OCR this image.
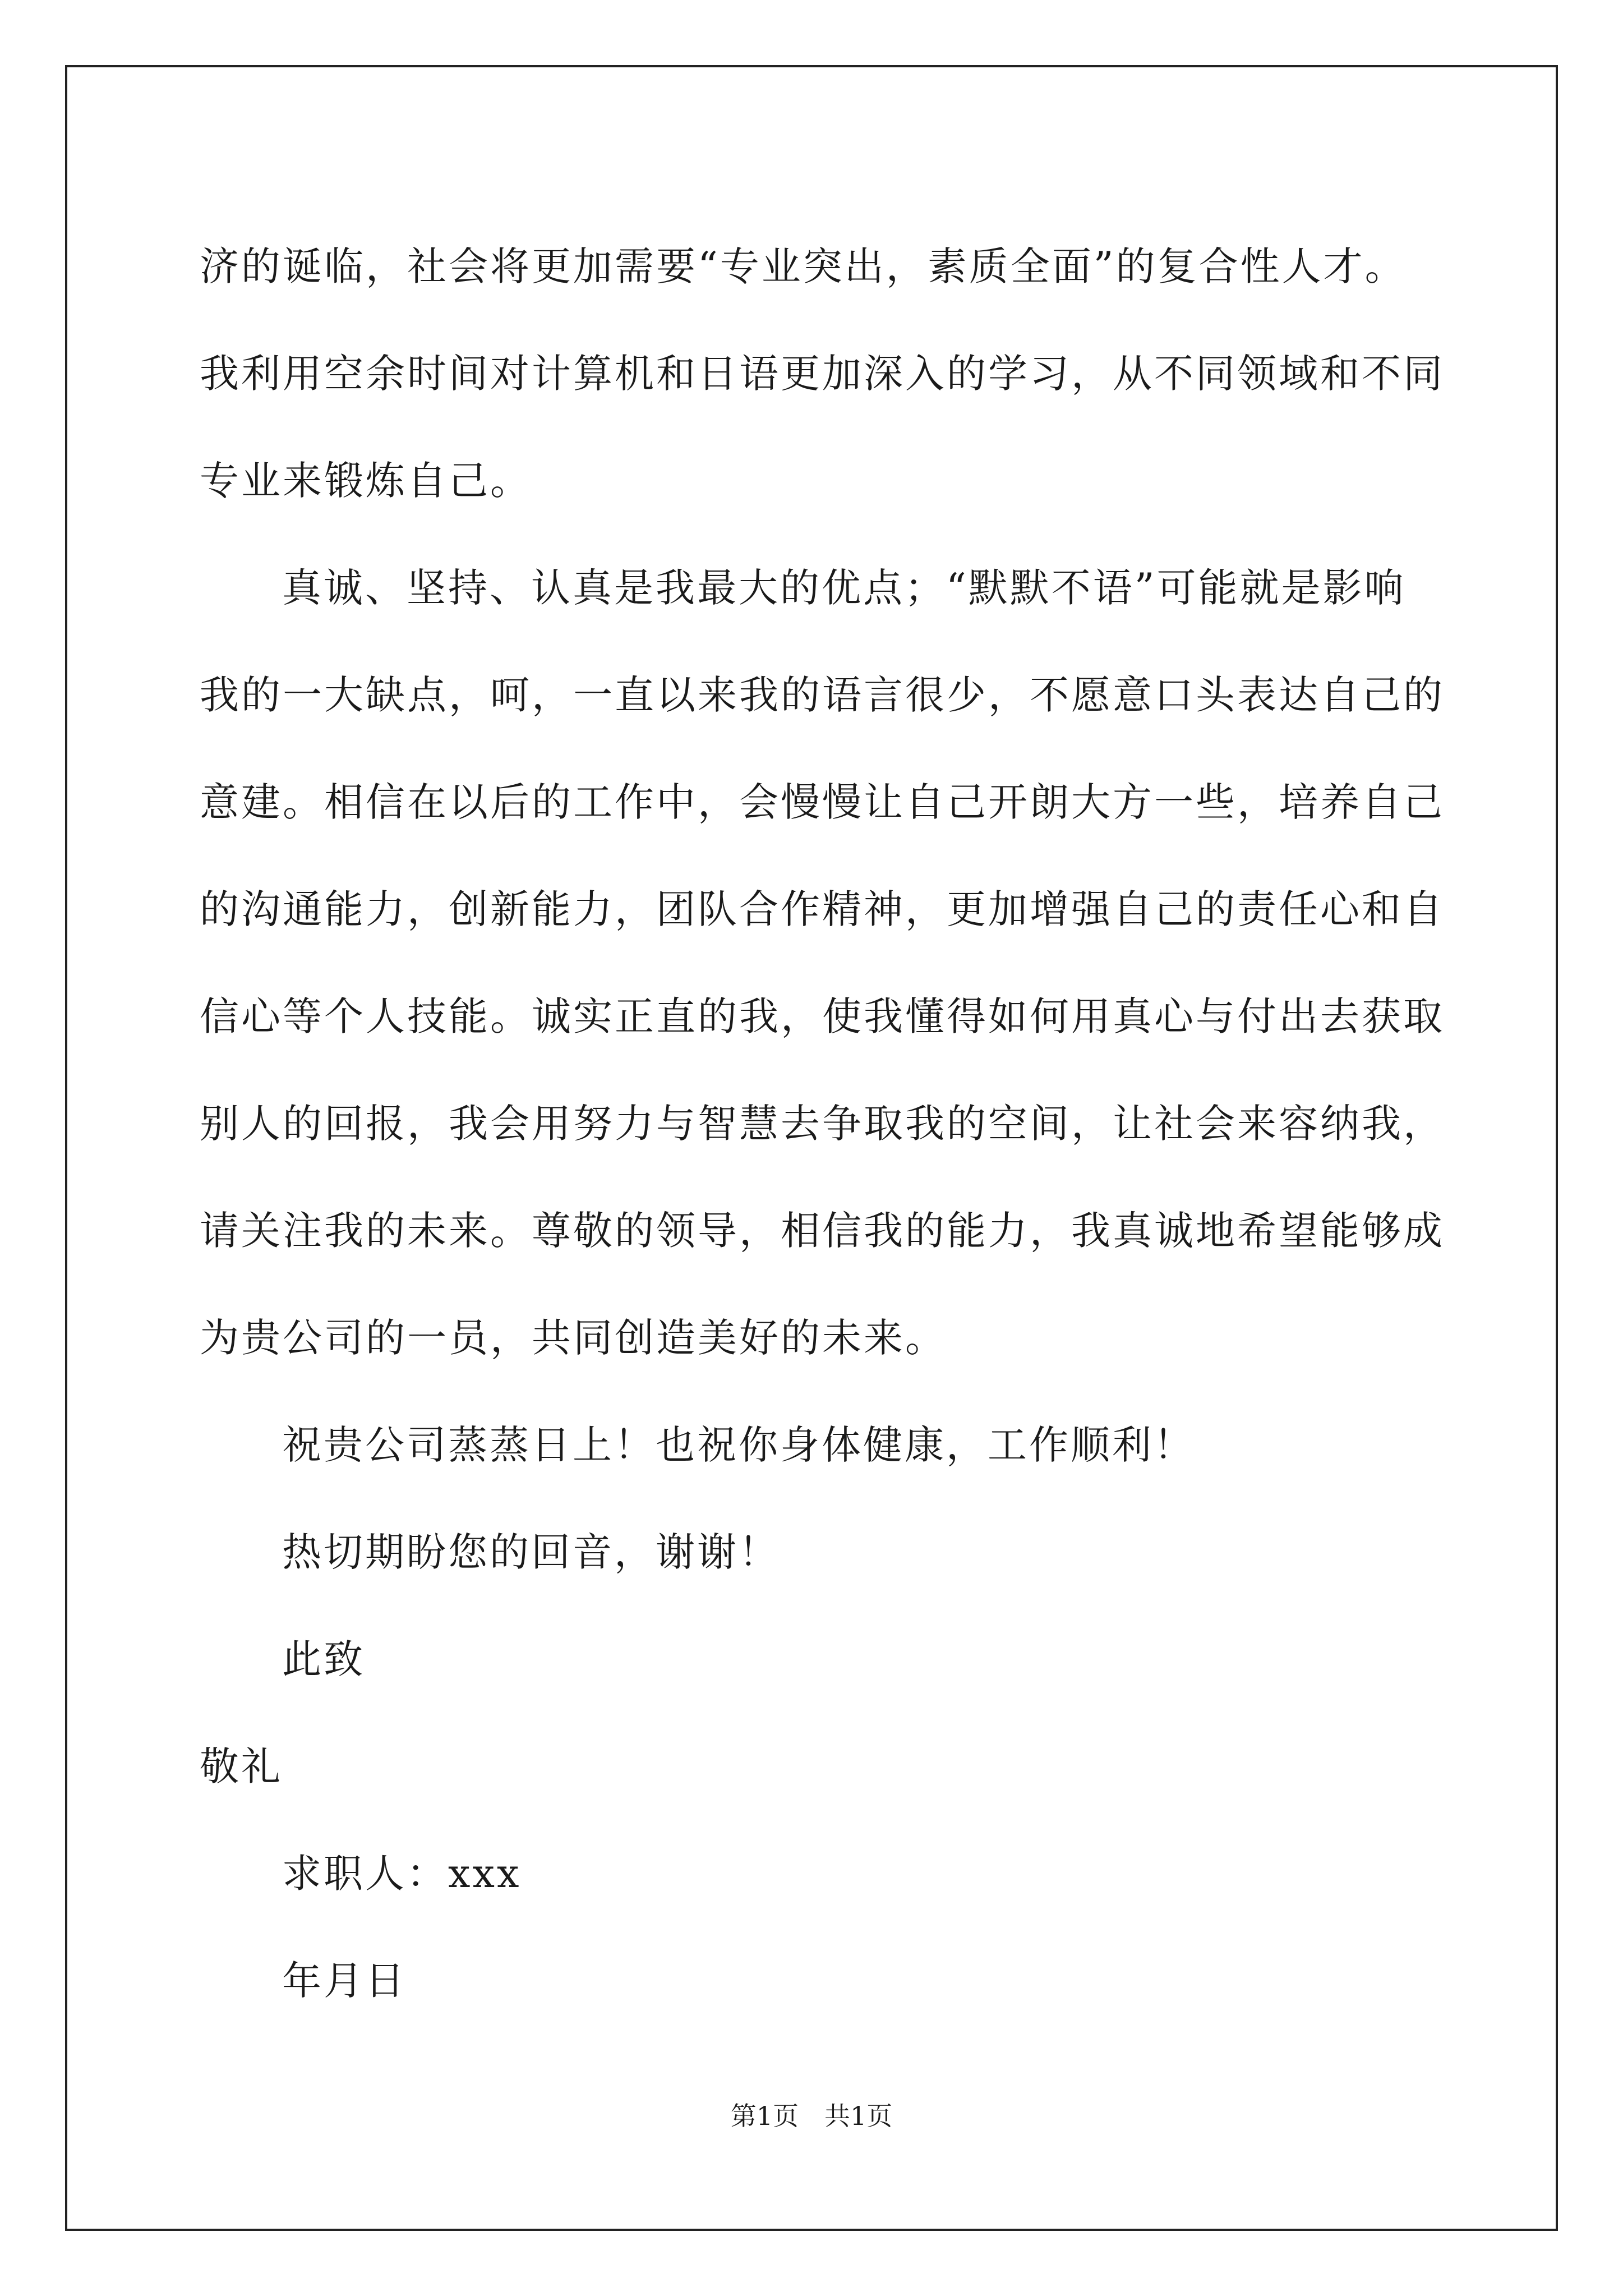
济的诞临，社会将更加需要“专业突出，素质全面”的复合性人才。
我利用空余时间对计算机和日语更加深入的学习，从不同领域和不同
专业来锻炼自己。
真诚、坚持、认真是我最大的优点；“默默不语”可能就是影响
我的一大缺点，呵，一直以来我的语言很少，不愿意口头表达自己的
意建。相信在以后的工作中，会慢慢让自己开朗大方一些，培养自己
的沟通能力，创新能力，团队合作精神，更加增强自己的责任心和自
信心等个人技能。诚实正直的我，使我懂得如何用真心与付出去获取
别人的回报，我会用努力与智慧去争取我的空间，让社会来容纳我，
请关注我的未来。尊敬的领导，相信我的能力，我真诚地希望能够成
为贵公司的一员，共同创造美好的未来。
祝贵公司蒸蒸日上！也祝你身体健康，工作顺利！
热切期盼您的回音，谢谢！
此致
敬礼
求职人：xxx
年月日
第1页　共1页
